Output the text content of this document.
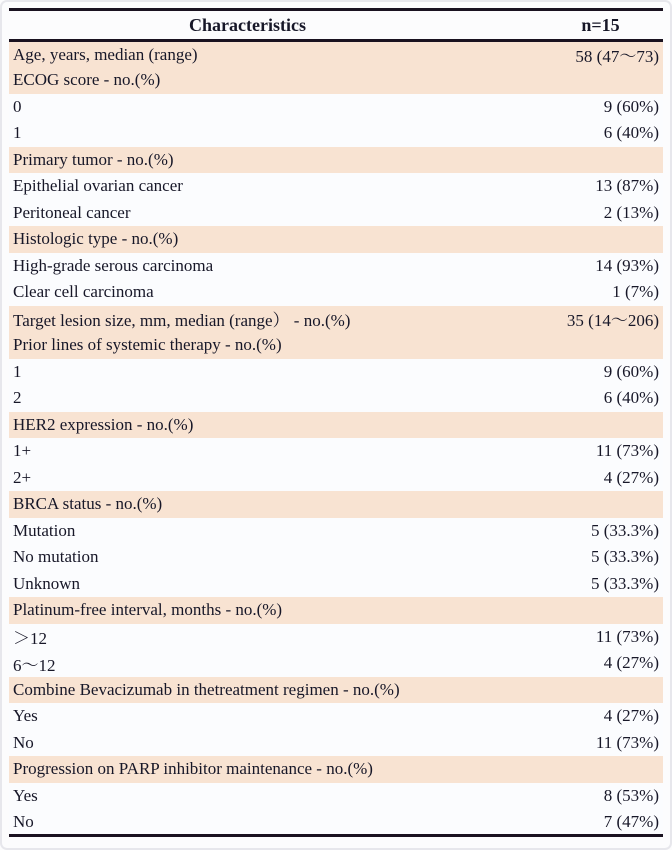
Characteristics	n=15
Age, years, median (range)	58 (47～73)
ECOG score - no.(%)	
0	9 (60%)
1	6 (40%)
Primary tumor - no.(%)	
Epithelial ovarian cancer	13 (87%)
Peritoneal cancer	2 (13%)
Histologic type - no.(%)	
High-grade serous carcinoma	14 (93%)
Clear cell carcinoma	1 (7%)
Target lesion size, mm, median (range） - no.(%)	35 (14～206)
Prior lines of systemic therapy - no.(%)	
1	9 (60%)
2	6 (40%)
HER2 expression - no.(%)	
1+	11 (73%)
2+	4 (27%)
BRCA status - no.(%)	
Mutation	5 (33.3%)
No mutation	5 (33.3%)
Unknown	5 (33.3%)
Platinum-free interval, months - no.(%)	
＞12	11 (73%)
6～12	4 (27%)
Combine Bevacizumab in thetreatment regimen - no.(%)	
Yes	4 (27%)
No	11 (73%)
Progression on PARP inhibitor maintenance - no.(%)	
Yes	8 (53%)
No	7 (47%)
